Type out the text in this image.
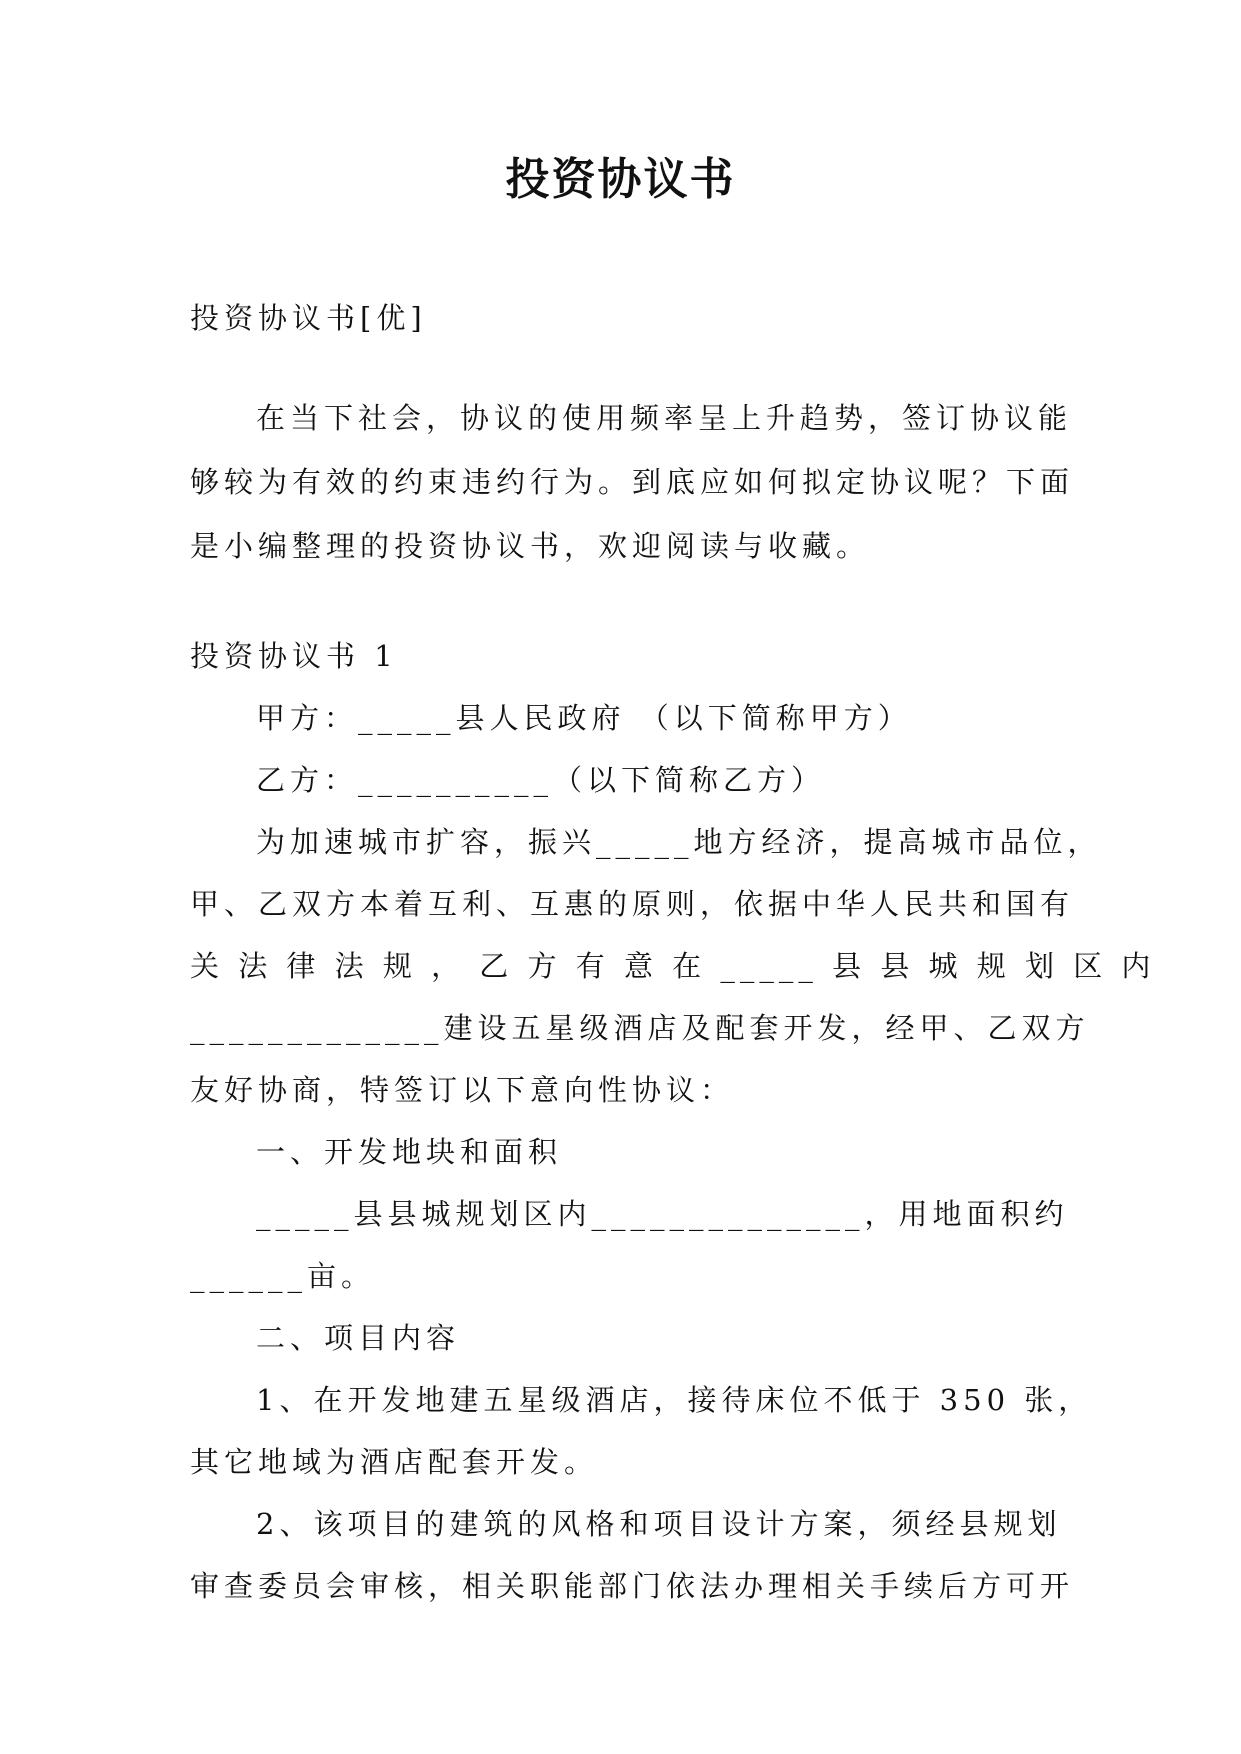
投资协议书
投资协议书[优]
在当下社会，协议的使用频率呈上升趋势，签订协议能
够较为有效的约束违约行为。到底应如何拟定协议呢？下面
是小编整理的投资协议书，欢迎阅读与收藏。
投资协议书 1
甲方：_____县人民政府 （以下简称甲方）
乙方：__________（以下简称乙方）
为加速城市扩容，振兴_____地方经济，提高城市品位，
甲、乙双方本着互利、互惠的原则，依据中华人民共和国有
关 法 律 法 规 ， 乙 方 有 意 在 _____ 县 县 城 规 划 区 内
_____________建设五星级酒店及配套开发，经甲、乙双方
友好协商，特签订以下意向性协议：
一、开发地块和面积
_____县县城规划区内______________，用地面积约
______亩。
二、项目内容
1、在开发地建五星级酒店，接待床位不低于 350 张，
其它地域为酒店配套开发。
2、该项目的建筑的风格和项目设计方案，须经县规划
审查委员会审核，相关职能部门依法办理相关手续后方可开
